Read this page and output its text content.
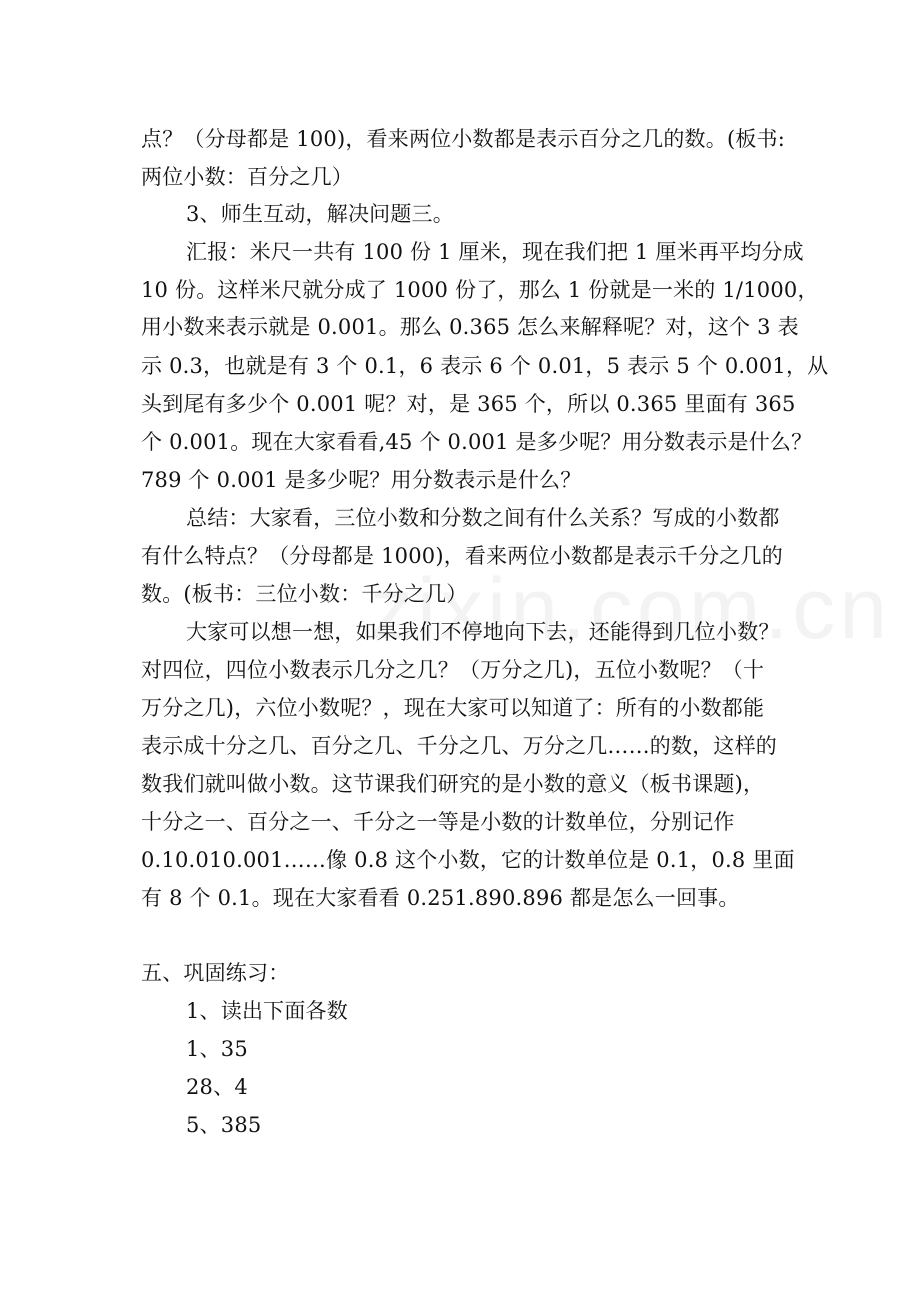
点？（分母都是 100)，看来两位小数都是表示百分之几的数。(板书:
两位小数：百分之几）
3、师生互动，解决问题三。
汇报：米尺一共有 100 份 1 厘米，现在我们把 1 厘米再平均分成
10 份。这样米尺就分成了 1000 份了，那么 1 份就是一米的 1/1000，
用小数来表示就是 0.001。那么 0.365 怎么来解释呢？对，这个 3 表
示 0.3，也就是有 3 个 0.1，6 表示 6 个 0.01，5 表示 5 个 0.001，从
头到尾有多少个 0.001 呢？对，是 365 个，所以 0.365 里面有 365
个 0.001。现在大家看看,45 个 0.001 是多少呢？用分数表示是什么？
789 个 0.001 是多少呢？用分数表示是什么？
总结：大家看，三位小数和分数之间有什么关系？写成的小数都
有什么特点？（分母都是 1000)，看来两位小数都是表示千分之几的
数。(板书：三位小数：千分之几）
大家可以想一想，如果我们不停地向下去，还能得到几位小数？
对四位，四位小数表示几分之几？（万分之几)，五位小数呢？（十
万分之几)，六位小数呢？，现在大家可以知道了：所有的小数都能
表示成十分之几、百分之几、千分之几、万分之几……的数，这样的
数我们就叫做小数。这节课我们研究的是小数的意义（板书课题)，
十分之一、百分之一、千分之一等是小数的计数单位，分别记作
0.10.010.001……像 0.8 这个小数，它的计数单位是 0.1，0.8 里面
有 8 个 0.1。现在大家看看 0.251.890.896 都是怎么一回事。
五、巩固练习：
1、读出下面各数
1、35
28、4
5、385
